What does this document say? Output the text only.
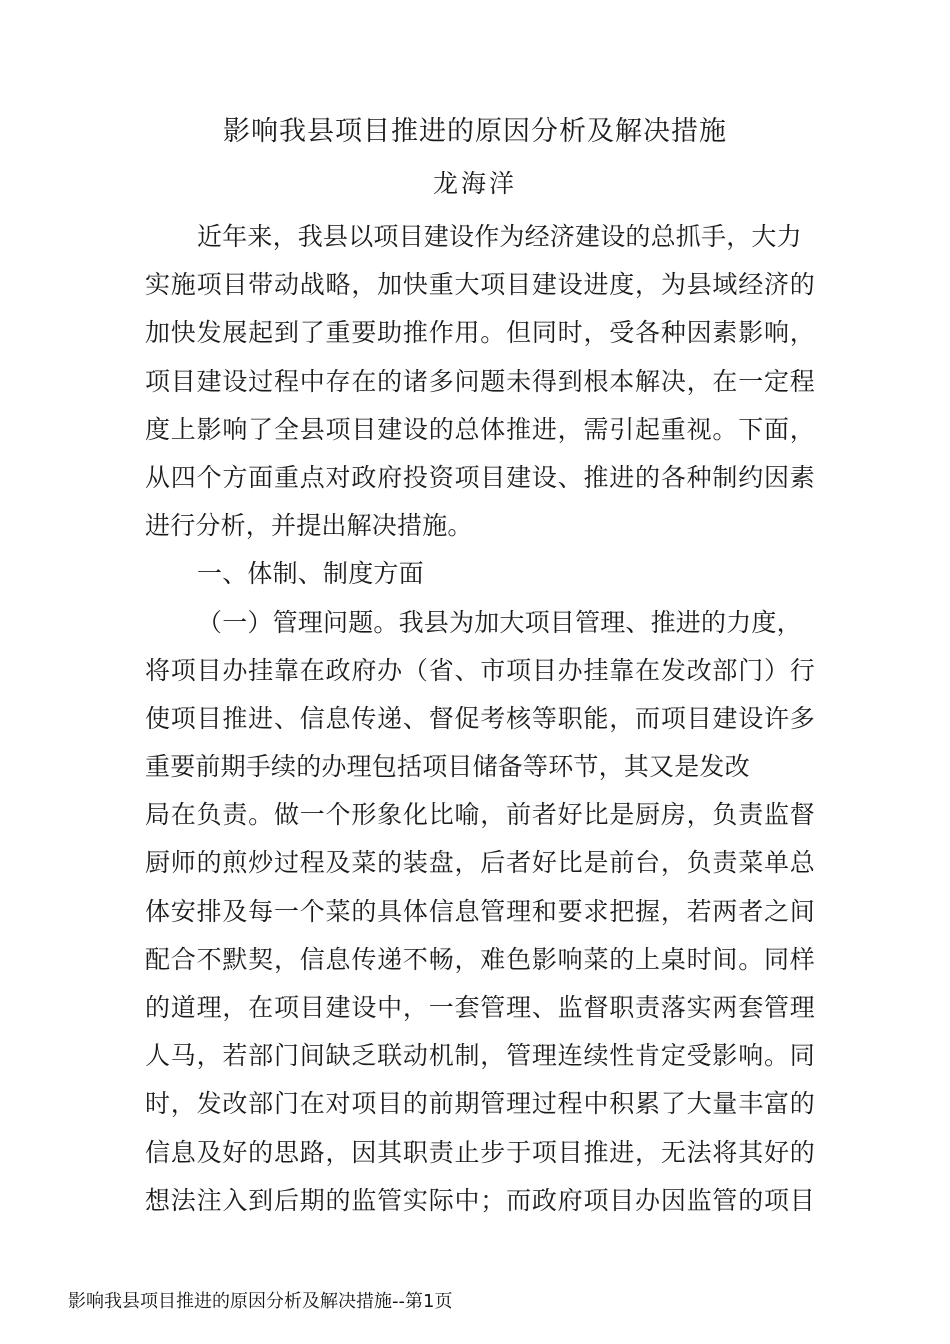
影响我县项目推进的原因分析及解决措施
龙海洋
近年来，我县以项目建设作为经济建设的总抓手，大力
实施项目带动战略，加快重大项目建设进度，为县域经济的
加快发展起到了重要助推作用。但同时，受各种因素影响，
项目建设过程中存在的诸多问题未得到根本解决，在一定程
度上影响了全县项目建设的总体推进，需引起重视。下面，
从四个方面重点对政府投资项目建设、推进的各种制约因素
进行分析，并提出解决措施。
一、体制、制度方面
（一）管理问题。我县为加大项目管理、推进的力度，
将项目办挂靠在政府办（省、市项目办挂靠在发改部门）行
使项目推进、信息传递、督促考核等职能，而项目建设许多
重要前期手续的办理包括项目储备等环节，其又是发改
局在负责。做一个形象化比喻，前者好比是厨房，负责监督
厨师的煎炒过程及菜的装盘，后者好比是前台，负责菜单总
体安排及每一个菜的具体信息管理和要求把握，若两者之间
配合不默契，信息传递不畅，难色影响菜的上桌时间。同样
的道理，在项目建设中，一套管理、监督职责落实两套管理
人马，若部门间缺乏联动机制，管理连续性肯定受影响。同
时，发改部门在对项目的前期管理过程中积累了大量丰富的
信息及好的思路，因其职责止步于项目推进，无法将其好的
想法注入到后期的监管实际中；而政府项目办因监管的项目
影响我县项目推进的原因分析及解决措施--第1页
